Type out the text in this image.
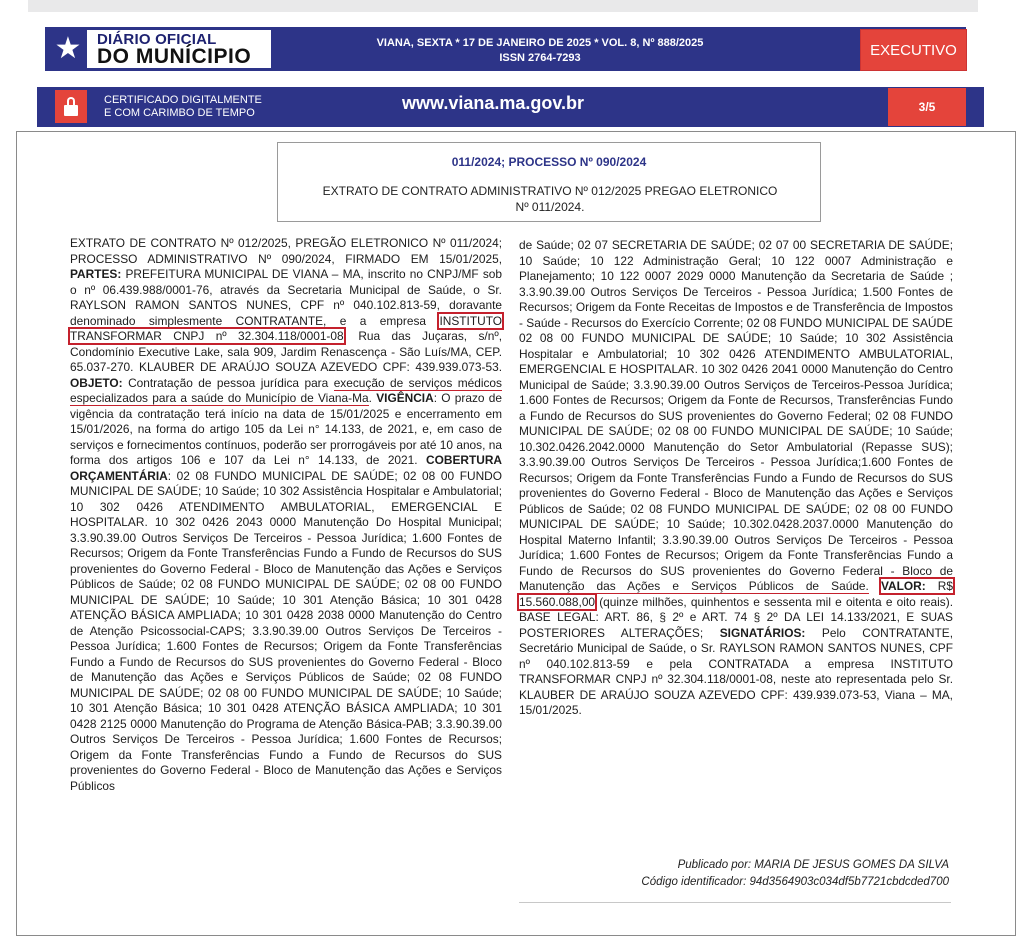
★	DIÁRIO OFICIAL
DO MUNÍCIPIO
VIANA, SEXTA * 17 DE JANEIRO DE 2025 * VOL. 8, Nº 888/2025
ISSN 2764-7293	EXECUTIVO
CERTIFICADO DIGITALMENTE
E COM CARIMBO DE TEMPO	www.viana.ma.gov.br	3/5
011/2024; PROCESSO Nº 090/2024
EXTRATO DE CONTRATO ADMINISTRATIVO Nº 012/2025 PREGAO ELETRONICO Nº 011/2024.
EXTRATO DE CONTRATO Nº 012/2025, PREGÃO ELETRONICO Nº 011/2024; PROCESSO ADMINISTRATIVO Nº 090/2024, FIRMADO EM 15/01/2025, PARTES: PREFEITURA MUNICIPAL DE VIANA – MA, inscrito no CNPJ/MF sob o nº 06.439.988/0001-76, através da Secretaria Municipal de Saúde, o Sr. RAYLSON RAMON SANTOS NUNES, CPF nº 040.102.813-59, doravante denominado simplesmente CONTRATANTE, e a empresa INSTITUTO TRANSFORMAR CNPJ nº 32.304.118/0001-08, Rua das Juçaras, s/nº, Condomínio Executive Lake, sala 909, Jardim Renascença - São Luís/MA, CEP. 65.037-270. KLAUBER DE ARAÚJO SOUZA AZEVEDO CPF: 439.939.073-53. OBJETO: Contratação de pessoa jurídica para execução de serviços médicos especializados para a saúde do Município de Viana-Ma. VIGÊNCIA: O prazo de vigência da contratação terá início na data de 15/01/2025 e encerramento em 15/01/2026, na forma do artigo 105 da Lei n° 14.133, de 2021, e, em caso de serviços e fornecimentos contínuos, poderão ser prorrogáveis por até 10 anos, na forma dos artigos 106 e 107 da Lei n° 14.133, de 2021. COBERTURA ORÇAMENTÁRIA: 02 08 FUNDO MUNICIPAL DE SAÚDE; 02 08 00 FUNDO MUNICIPAL DE SAÚDE; 10 Saúde; 10 302 Assistência Hospitalar e Ambulatorial; 10 302 0426 ATENDIMENTO AMBULATORIAL, EMERGENCIAL E HOSPITALAR. 10 302 0426 2043 0000 Manutenção Do Hospital Municipal; 3.3.90.39.00 Outros Serviços De Terceiros - Pessoa Jurídica; 1.600 Fontes de Recursos; Origem da Fonte Transferências Fundo a Fundo de Recursos do SUS provenientes do Governo Federal - Bloco de Manutenção das Ações e Serviços Públicos de Saúde; 02 08 FUNDO MUNICIPAL DE SAÚDE; 02 08 00 FUNDO MUNICIPAL DE SAÚDE; 10 Saúde; 10 301 Atenção Básica; 10 301 0428 ATENÇÃO BÁSICA AMPLIADA; 10 301 0428 2038 0000 Manutenção do Centro de Atenção Psicossocial-CAPS; 3.3.90.39.00 Outros Serviços De Terceiros - Pessoa Jurídica; 1.600 Fontes de Recursos; Origem da Fonte Transferências Fundo a Fundo de Recursos do SUS provenientes do Governo Federal - Bloco de Manutenção das Ações e Serviços Públicos de Saúde; 02 08 FUNDO MUNICIPAL DE SAÚDE; 02 08 00 FUNDO MUNICIPAL DE SAÚDE; 10 Saúde; 10 301 Atenção Básica; 10 301 0428 ATENÇÃO BÁSICA AMPLIADA; 10 301 0428 2125 0000 Manutenção do Programa de Atenção Básica-PAB; 3.3.90.39.00 Outros Serviços De Terceiros - Pessoa Jurídica; 1.600 Fontes de Recursos; Origem da Fonte Transferências Fundo a Fundo de Recursos do SUS provenientes do Governo Federal - Bloco de Manutenção das Ações e Serviços Públicos
de Saúde; 02 07 SECRETARIA DE SAÚDE; 02 07 00 SECRETARIA DE SAÚDE; 10 Saúde; 10 122 Administração Geral; 10 122 0007 Administração e Planejamento; 10 122 0007 2029 0000 Manutenção da Secretaria de Saúde ; 3.3.90.39.00 Outros Serviços De Terceiros - Pessoa Jurídica; 1.500 Fontes de Recursos; Origem da Fonte Receitas de Impostos e de Transferência de Impostos - Saúde - Recursos do Exercício Corrente; 02 08 FUNDO MUNICIPAL DE SAÚDE 02 08 00 FUNDO MUNICIPAL DE SAÚDE; 10 Saúde; 10 302 Assistência Hospitalar e Ambulatorial; 10 302 0426 ATENDIMENTO AMBULATORIAL, EMERGENCIAL E HOSPITALAR. 10 302 0426 2041 0000 Manutenção do Centro Municipal de Saúde; 3.3.90.39.00 Outros Serviços de Terceiros-Pessoa Jurídica; 1.600 Fontes de Recursos; Origem da Fonte de Recursos, Transferências Fundo a Fundo de Recursos do SUS provenientes do Governo Federal; 02 08 FUNDO MUNICIPAL DE SAÚDE; 02 08 00 FUNDO MUNICIPAL DE SAÚDE; 10 Saúde; 10.302.0426.2042.0000 Manutenção do Setor Ambulatorial (Repasse SUS); 3.3.90.39.00 Outros Serviços De Terceiros - Pessoa Jurídica;1.600 Fontes de Recursos; Origem da Fonte Transferências Fundo a Fundo de Recursos do SUS provenientes do Governo Federal - Bloco de Manutenção das Ações e Serviços Públicos de Saúde; 02 08 FUNDO MUNICIPAL DE SAÚDE; 02 08 00 FUNDO MUNICIPAL DE SAÚDE; 10 Saúde; 10.302.0428.2037.0000 Manutenção do Hospital Materno Infantil; 3.3.90.39.00 Outros Serviços De Terceiros - Pessoa Jurídica; 1.600 Fontes de Recursos; Origem da Fonte Transferências Fundo a Fundo de Recursos do SUS provenientes do Governo Federal - Bloco de Manutenção das Ações e Serviços Públicos de Saúde. VALOR: R$ 15.560.088,00 (quinze milhões, quinhentos e sessenta mil e oitenta e oito reais). BASE LEGAL: ART. 86, § 2º e ART. 74 § 2º DA LEI 14.133/2021, E SUAS POSTERIORES ALTERAÇÕES; SIGNATÁRIOS: Pelo CONTRATANTE, Secretário Municipal de Saúde, o Sr. RAYLSON RAMON SANTOS NUNES, CPF nº 040.102.813-59 e pela CONTRATADA a empresa INSTITUTO TRANSFORMAR CNPJ nº 32.304.118/0001-08, neste ato representada pelo Sr. KLAUBER DE ARAÚJO SOUZA AZEVEDO CPF: 439.939.073-53, Viana – MA, 15/01/2025.
Publicado por: MARIA DE JESUS GOMES DA SILVA
Código identificador: 94d3564903c034df5b7721cbdcded700
